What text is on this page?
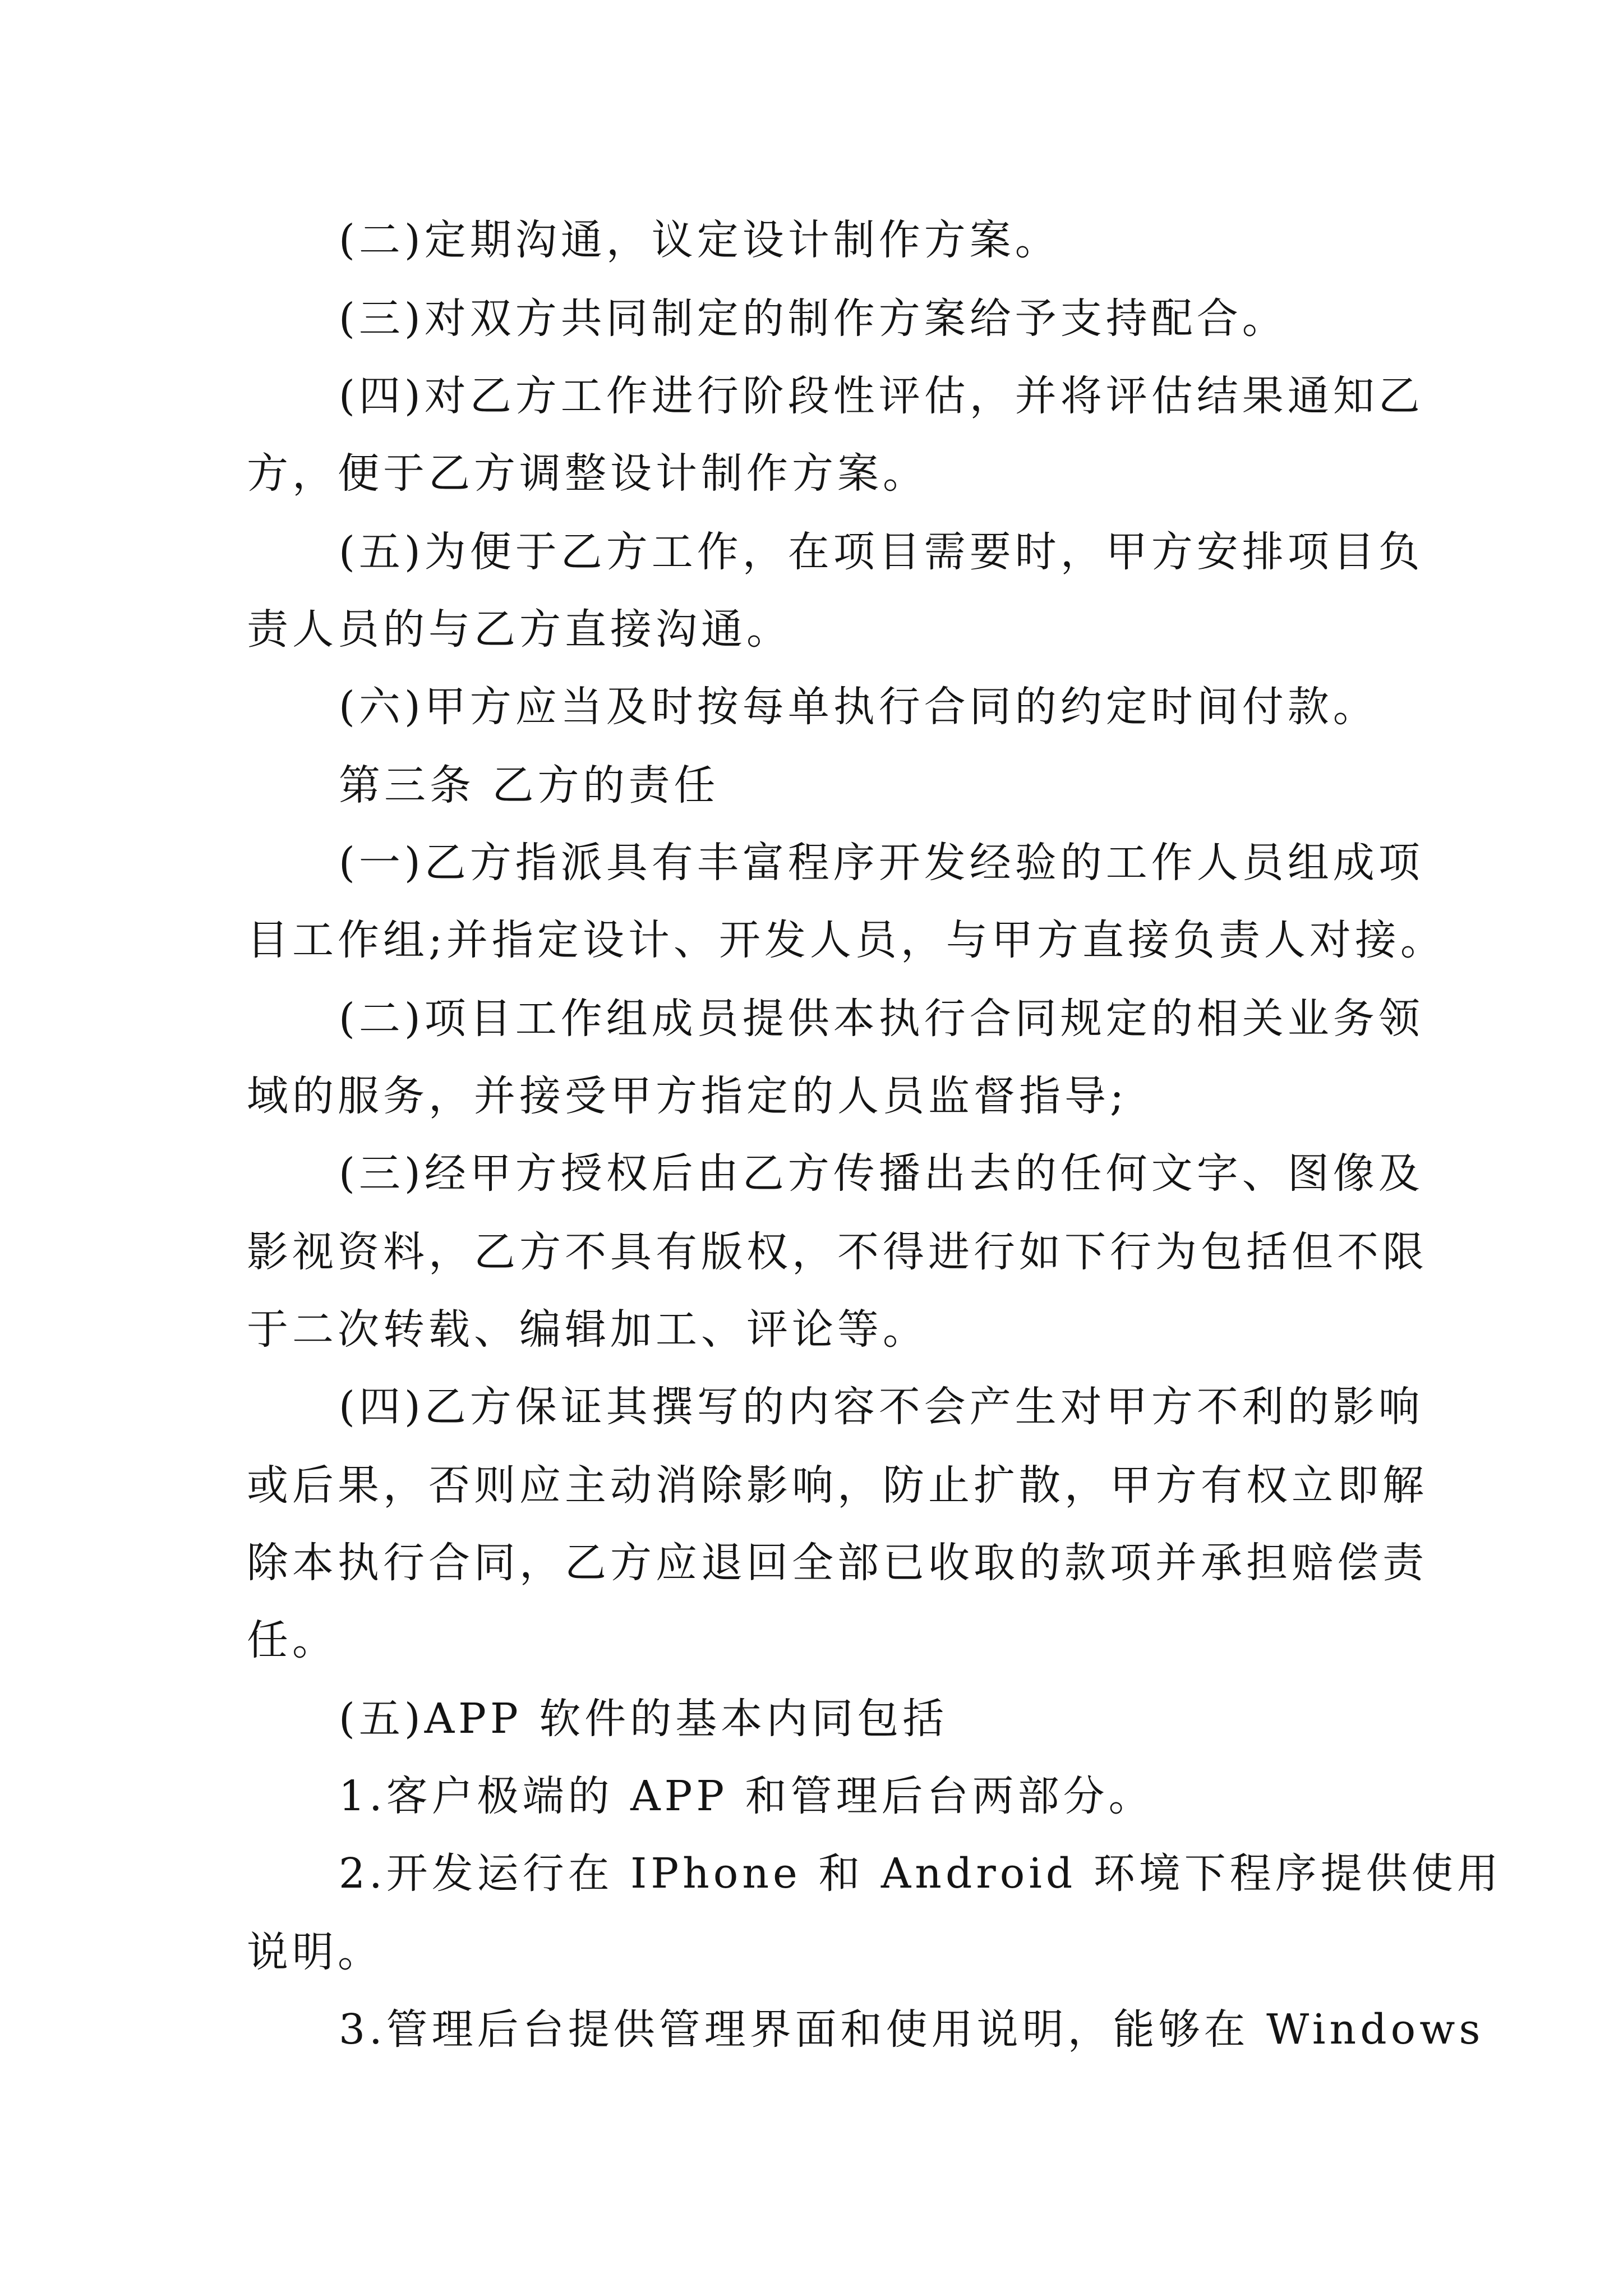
(二)定期沟通，议定设计制作方案。
(三)对双方共同制定的制作方案给予支持配合。
(四)对乙方工作进行阶段性评估，并将评估结果通知乙
方，便于乙方调整设计制作方案。
(五)为便于乙方工作，在项目需要时，甲方安排项目负
责人员的与乙方直接沟通。
(六)甲方应当及时按每单执行合同的约定时间付款。
第三条 乙方的责任
(一)乙方指派具有丰富程序开发经验的工作人员组成项
目工作组;并指定设计、开发人员，与甲方直接负责人对接。
(二)项目工作组成员提供本执行合同规定的相关业务领
域的服务，并接受甲方指定的人员监督指导;
(三)经甲方授权后由乙方传播出去的任何文字、图像及
影视资料，乙方不具有版权，不得进行如下行为包括但不限
于二次转载、编辑加工、评论等。
(四)乙方保证其撰写的内容不会产生对甲方不利的影响
或后果，否则应主动消除影响，防止扩散，甲方有权立即解
除本执行合同，乙方应退回全部已收取的款项并承担赔偿责
任。
(五)APP 软件的基本内同包括
1.客户极端的 APP 和管理后台两部分。
2.开发运行在 IPhone 和 Android 环境下程序提供使用
说明。
3.管理后台提供管理界面和使用说明，能够在 Windows
